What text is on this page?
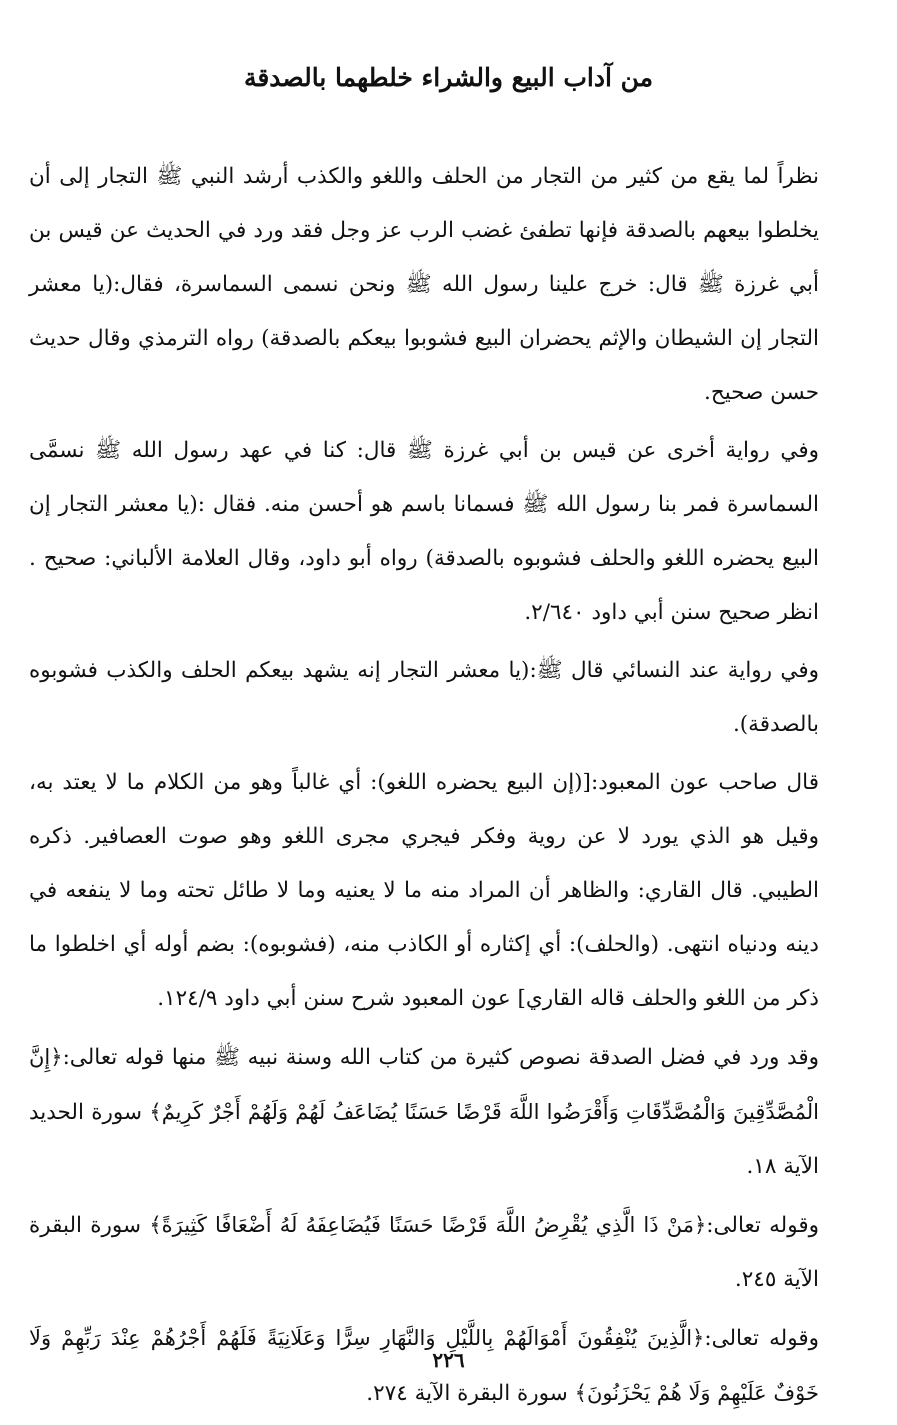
من آداب البيع والشراء خلطهما بالصدقة

نظراً لما يقع من كثير من التجار من الحلف واللغو والكذب أرشد النبي ﷺ التجار إلى أن يخلطوا بيعهم بالصدقة فإنها تطفئ غضب الرب عز وجل فقد ورد في الحديث عن قيس بن أبي غرزة ﷺ قال: خرج علينا رسول الله ﷺ ونحن نسمى السماسرة، فقال:(يا معشر التجار إن الشيطان والإثم يحضران البيع فشوبوا بيعكم بالصدقة) رواه الترمذي وقال حديث حسن صحيح.

وفي رواية أخرى عن قيس بن أبي غرزة ﷺ قال: كنا في عهد رسول الله ﷺ نسمَّى السماسرة فمر بنا رسول الله ﷺ فسمانا باسم هو أحسن منه. فقال :(يا معشر التجار إن البيع يحضره اللغو والحلف فشوبوه بالصدقة) رواه أبو داود، وقال العلامة الألباني: صحيح . انظر صحيح سنن أبي داود ٢/٦٤٠.

وفي رواية عند النسائي قال ﷺ:(يا معشر التجار إنه يشهد بيعكم الحلف والكذب فشوبوه بالصدقة).

قال صاحب عون المعبود:[(إن البيع يحضره اللغو): أي غالباً وهو من الكلام ما لا يعتد به، وقيل هو الذي يورد لا عن روية وفكر فيجري مجرى اللغو وهو صوت العصافير. ذكره الطيبي. قال القاري: والظاهر أن المراد منه ما لا يعنيه وما لا طائل تحته وما لا ينفعه في دينه ودنياه انتهى. (والحلف): أي إكثاره أو الكاذب منه، (فشوبوه): بضم أوله أي اخلطوا ما ذكر من اللغو والحلف قاله القاري] عون المعبود شرح سنن أبي داود ١٢٤/٩.

وقد ورد في فضل الصدقة نصوص كثيرة من كتاب الله وسنة نبيه ﷺ منها قوله تعالى:﴿إِنَّ الْمُصَّدِّقِينَ وَالْمُصَّدِّقَاتِ وَأَقْرَضُوا اللَّهَ قَرْضًا حَسَنًا يُضَاعَفُ لَهُمْ وَلَهُمْ أَجْرٌ كَرِيمٌ﴾ سورة الحديد الآية ١٨.

وقوله تعالى:﴿مَنْ ذَا الَّذِي يُقْرِضُ اللَّهَ قَرْضًا حَسَنًا فَيُضَاعِفَهُ لَهُ أَضْعَافًا كَثِيرَةً﴾ سورة البقرة الآية ٢٤٥.

وقوله تعالى:﴿الَّذِينَ يُنْفِقُونَ أَمْوَالَهُمْ بِاللَّيْلِ وَالنَّهَارِ سِرًّا وَعَلَانِيَةً فَلَهُمْ أَجْرُهُمْ عِنْدَ رَبِّهِمْ وَلَا خَوْفٌ عَلَيْهِمْ وَلَا هُمْ يَحْزَنُونَ﴾ سورة البقرة الآية ٢٧٤.

٢٢٦
